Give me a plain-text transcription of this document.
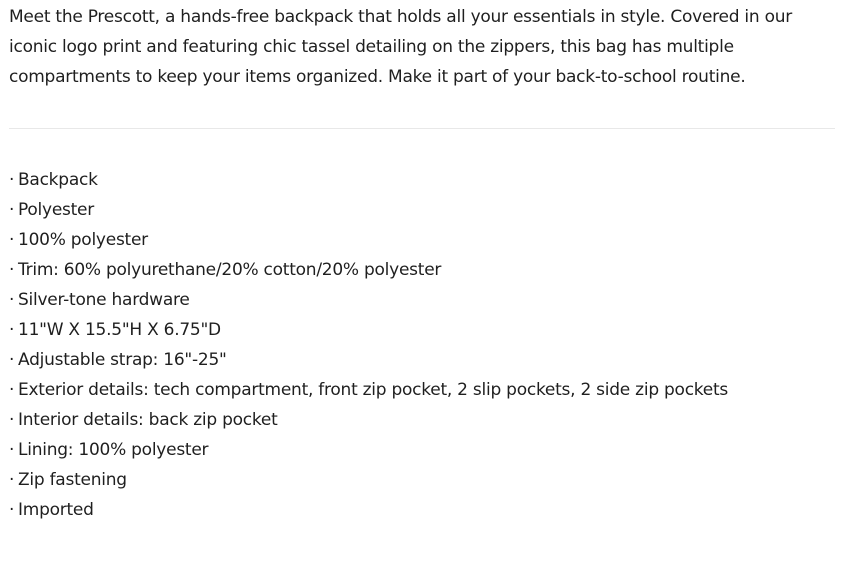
Meet the Prescott, a hands-free backpack that holds all your essentials in style. Covered in our iconic logo print and featuring chic tassel detailing on the zippers, this bag has multiple compartments to keep your items organized. Make it part of your back-to-school routine.

· Backpack
· Polyester
· 100% polyester
· Trim: 60% polyurethane/20% cotton/20% polyester
· Silver-tone hardware
· 11"W X 15.5"H X 6.75"D
· Adjustable strap: 16"-25"
· Exterior details: tech compartment, front zip pocket, 2 slip pockets, 2 side zip pockets
· Interior details: back zip pocket
· Lining: 100% polyester
· Zip fastening
· Imported
